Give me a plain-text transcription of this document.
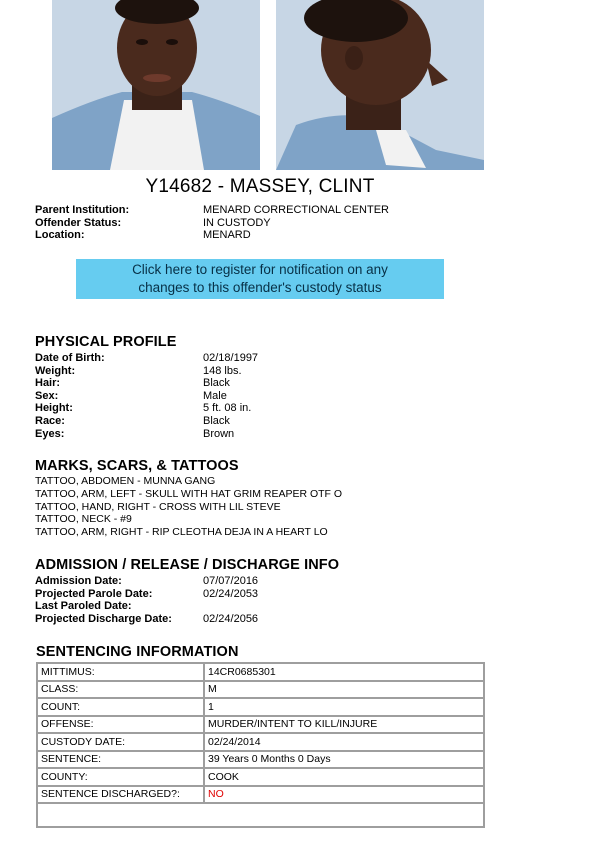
Y14682 - MASSEY, CLINT
Parent Institution:	MENARD CORRECTIONAL CENTER
Offender Status:	IN CUSTODY
Location:	MENARD
Click here to register for notification on any
changes to this offender's custody status
PHYSICAL PROFILE
Date of Birth:	02/18/1997
Weight:	148 lbs.
Hair:	Black
Sex:	Male
Height:	5 ft. 08 in.
Race:	Black
Eyes:	Brown
MARKS, SCARS, & TATTOOS
TATTOO, ABDOMEN - MUNNA GANG
TATTOO, ARM, LEFT - SKULL WITH HAT GRIM REAPER OTF O
TATTOO, HAND, RIGHT - CROSS WITH LIL STEVE
TATTOO, NECK - #9
TATTOO, ARM, RIGHT - RIP CLEOTHA DEJA IN A HEART LO
ADMISSION / RELEASE / DISCHARGE INFO
Admission Date:	07/07/2016
Projected Parole Date:	02/24/2053
Last Paroled Date:
Projected Discharge Date:	02/24/2056
SENTENCING INFORMATION
MITTIMUS:	14CR0685301
CLASS:	M
COUNT:	1
OFFENSE:	MURDER/INTENT TO KILL/INJURE
CUSTODY DATE:	02/24/2014
SENTENCE:	39 Years 0 Months 0 Days
COUNTY:	COOK
SENTENCE DISCHARGED?:	NO
